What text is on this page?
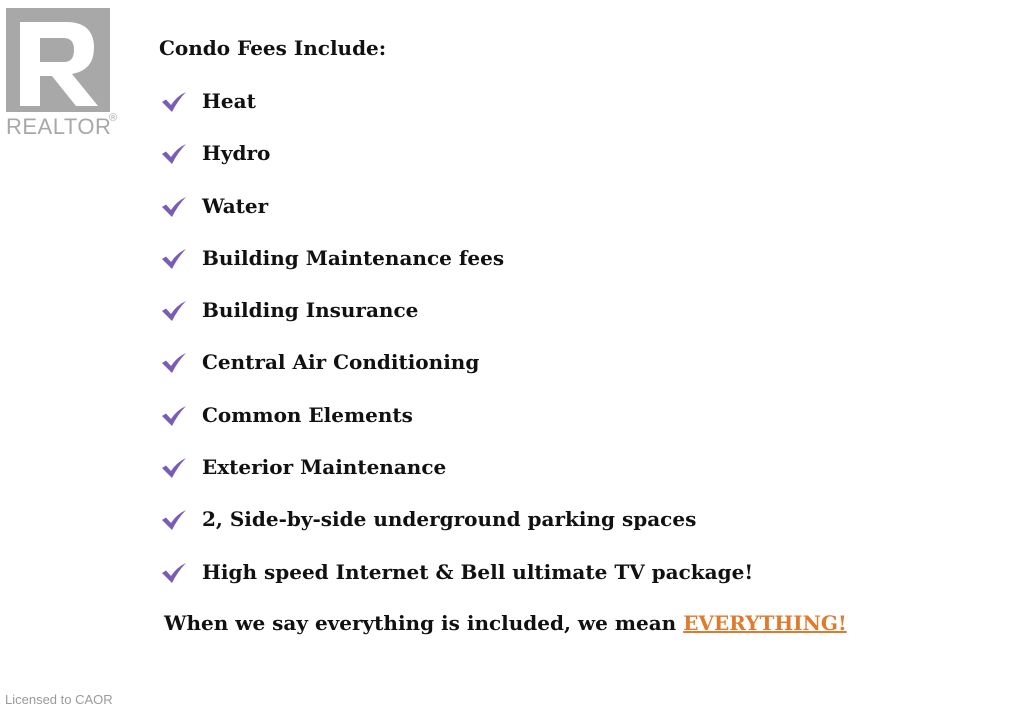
REALTOR
®
Condo Fees Include:
Heat
Hydro
Water
Building Maintenance fees
Building Insurance
Central Air Conditioning
Common Elements
Exterior Maintenance
2, Side-by-side underground parking spaces
High speed Internet & Bell ultimate TV package!
When we say everything is included, we mean EVERYTHING!
Licensed to CAOR
